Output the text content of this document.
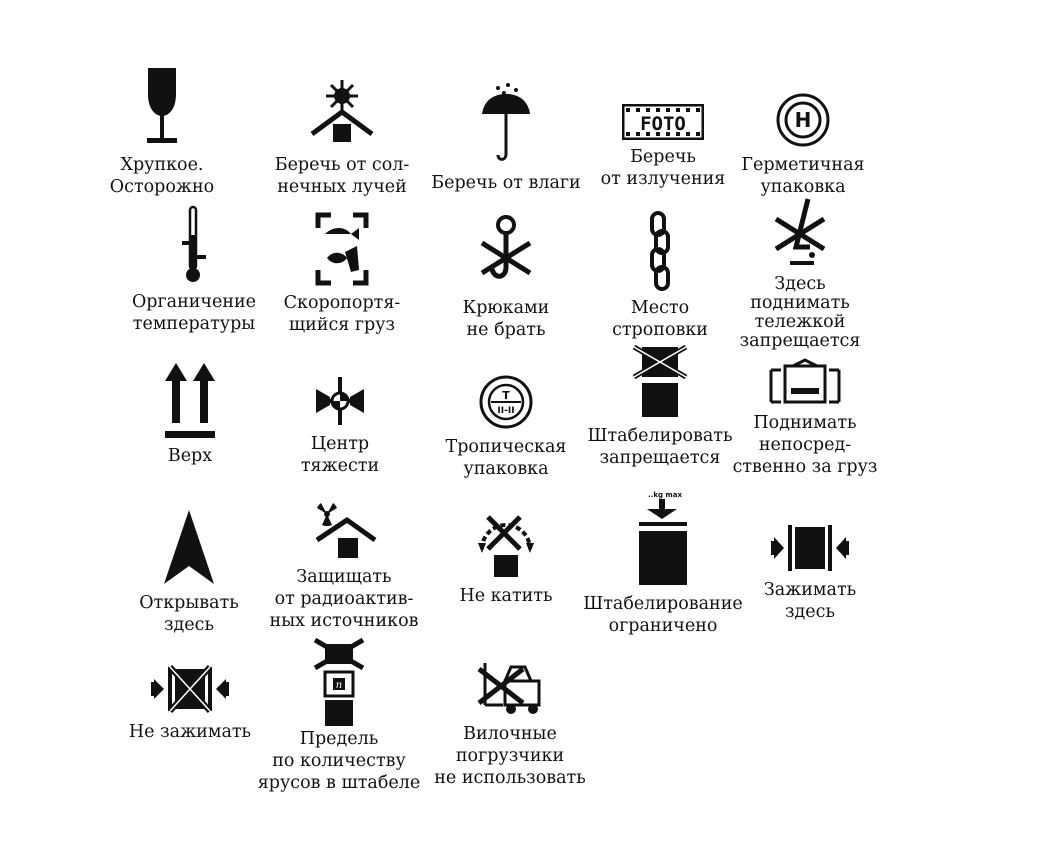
Хрупкое.
Осторожно
Беречь от сол-
нечных лучей	Беречь от влаги
FOTO
Беречь
от излучения
H
Герметичная
упаковка
Органичение
температуры
Скоропортя-
щийся груз
Крюками
не брать
Место
строповки
Здесь
поднимать
тележкой
запрещается
Верх
Центр
тяжести
T
II-II
Тропическая
упаковка
Штабелировать
запрещается
Поднимать
непосред-
ственно за груз
Открывать
здесь
Защищать
от радиоактив-
ных источников
Не катить
..kg max
Штабелирование
ограничено
Зажимать
здесь
Не зажимать
n
Предель
по количеству
ярусов в штабеле
Вилочные
погрузчики
не использовать
